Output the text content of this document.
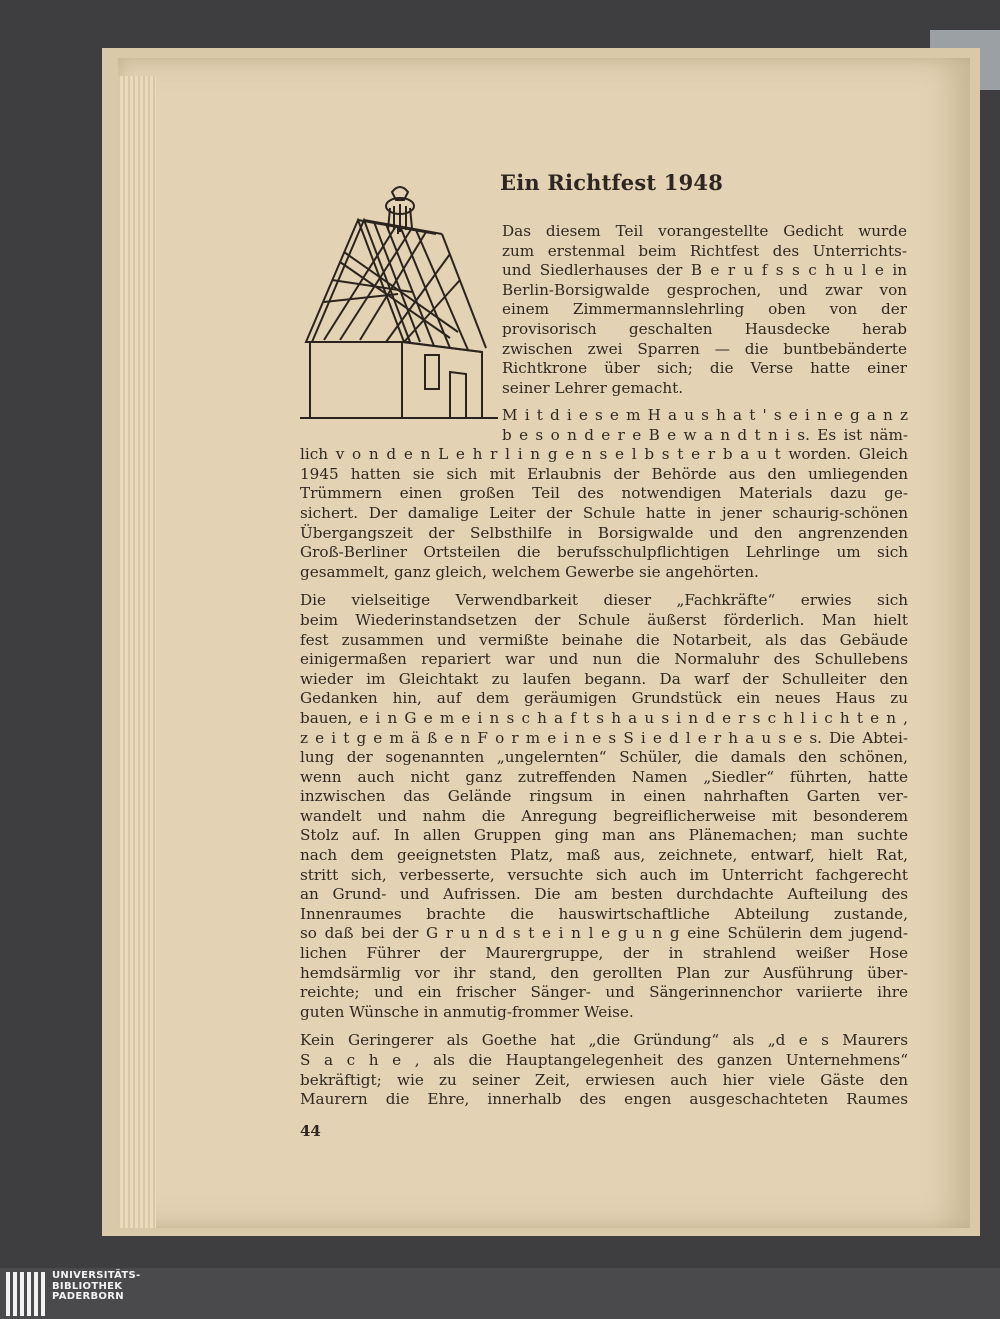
Ein Richtfest 1948
Das diesem Teil vorangestellte Gedicht wurde
zum erstenmal beim Richtfest des Unterrichts-
und Siedlerhauses der B e r u f s s c h u l e in
Berlin-Borsigwalde gesprochen, und zwar von
einem Zimmermannslehrling oben von der
provisorisch geschalten Hausdecke herab
zwischen zwei Sparren — die buntbebänderte
Richtkrone über sich; die Verse hatte einer
seiner Lehrer gemacht.
M i t d i e s e m H a u s h a t ' s e i n e g a n z
b e s o n d e r e B e w a n d t n i s. Es ist näm-
lich v o n d e n L e h r l i n g e n s e l b s t e r b a u t worden. Gleich
1945 hatten sie sich mit Erlaubnis der Behörde aus den umliegenden
Trümmern einen großen Teil des notwendigen Materials dazu ge-
sichert. Der damalige Leiter der Schule hatte in jener schaurig-schönen
Übergangszeit der Selbsthilfe in Borsigwalde und den angrenzenden
Groß-Berliner Ortsteilen die berufsschulpflichtigen Lehrlinge um sich
gesammelt, ganz gleich, welchem Gewerbe sie angehörten.
Die vielseitige Verwendbarkeit dieser „Fachkräfte“ erwies sich
beim Wiederinstandsetzen der Schule äußerst förderlich. Man hielt
fest zusammen und vermißte beinahe die Notarbeit, als das Gebäude
einigermaßen repariert war und nun die Normaluhr des Schullebens
wieder im Gleichtakt zu laufen begann. Da warf der Schulleiter den
Gedanken hin, auf dem geräumigen Grundstück ein neues Haus zu
bauen, e i n G e m e i n s c h a f t s h a u s i n d e r s c h l i c h t e n ,
z e i t g e m ä ß e n F o r m e i n e s S i e d l e r h a u s e s. Die Abtei-
lung der sogenannten „ungelernten“ Schüler, die damals den schönen,
wenn auch nicht ganz zutreffenden Namen „Siedler“ führten, hatte
inzwischen das Gelände ringsum in einen nahrhaften Garten ver-
wandelt und nahm die Anregung begreiflicherweise mit besonderem
Stolz auf. In allen Gruppen ging man ans Plänemachen; man suchte
nach dem geeignetsten Platz, maß aus, zeichnete, entwarf, hielt Rat,
stritt sich, verbesserte, versuchte sich auch im Unterricht fachgerecht
an Grund- und Aufrissen. Die am besten durchdachte Aufteilung des
Innenraumes brachte die hauswirtschaftliche Abteilung zustande,
so daß bei der G r u n d s t e i n l e g u n g eine Schülerin dem jugend-
lichen Führer der Maurergruppe, der in strahlend weißer Hose
hemdsärmlig vor ihr stand, den gerollten Plan zur Ausführung über-
reichte; und ein frischer Sänger- und Sängerinnenchor variierte ihre
guten Wünsche in anmutig-frommer Weise.
Kein Geringerer als Goethe hat „die Gründung“ als „d e s Maurers
S a c h e , als die Hauptangelegenheit des ganzen Unternehmens“
bekräftigt; wie zu seiner Zeit, erwiesen auch hier viele Gäste den
Maurern die Ehre, innerhalb des engen ausgeschachteten Raumes
44
UNIVERSITÄTS-
BIBLIOTHEK
PADERBORN
